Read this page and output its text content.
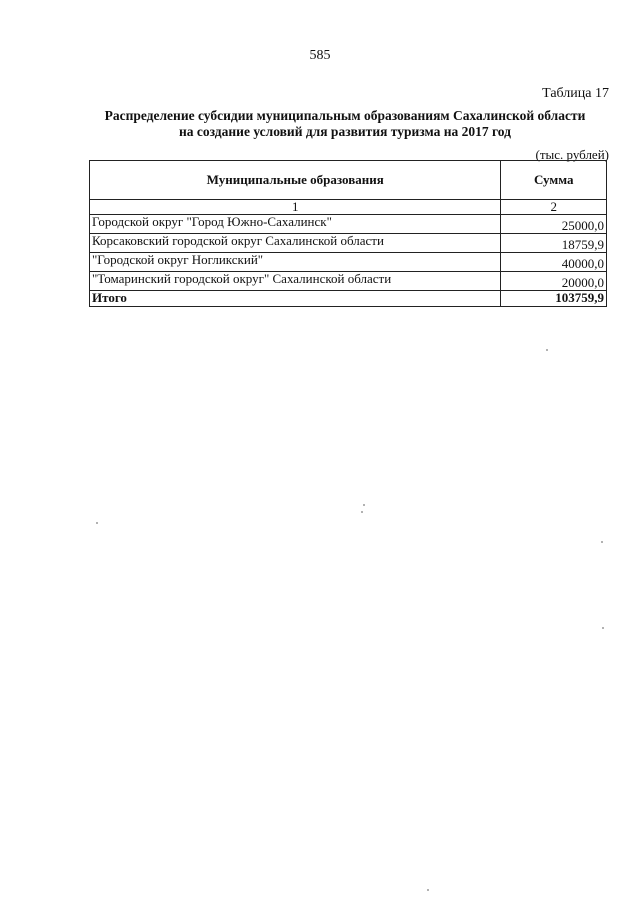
585
Таблица 17
Распределение субсидии муниципальным образованиям Сахалинской области
на создание условий для развития туризма на 2017 год
(тыс. рублей)
Муниципальные образования	Сумма
1	2
Городской округ "Город Южно-Сахалинск"	25000,0
Корсаковский городской округ Сахалинской области	18759,9
"Городской округ Ногликский"	40000,0
"Томаринский городской округ" Сахалинской области	20000,0
Итого	103759,9
